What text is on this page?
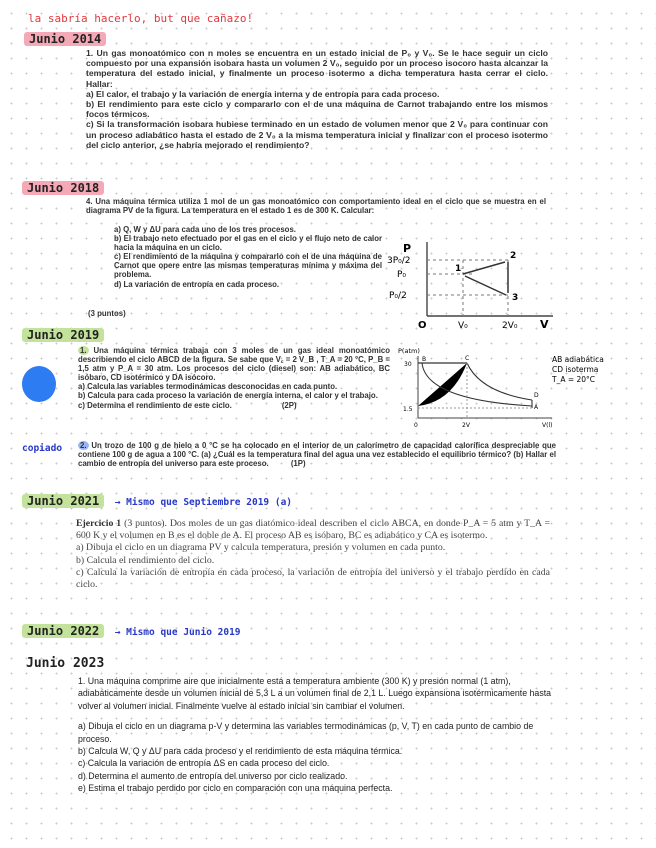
la sabría hacerlo, but que cañazo!
Junio 2014
1. Un gas monoatómico con n moles se encuentra en un estado inicial de P₀ y V₀. Se le hace seguir un ciclo compuesto por una expansión isobara hasta un volumen 2 V₀, seguido por un proceso isocoro hasta alcanzar la temperatura del estado inicial, y finalmente un proceso isotermo a dicha temperatura hasta cerrar el ciclo. Hallar:
a) El calor, el trabajo y la variación de energía interna y de entropía para cada proceso.
b) El rendimiento para este ciclo y compararlo con el de una máquina de Carnot trabajando entre los mismos focos térmicos.
c) Si la transformación isobara hubiese terminado en un estado de volumen menor que 2 V₀ para continuar con un proceso adiabático hasta el estado de 2 V₀ a la misma temperatura inicial y finalizar con el proceso isotermo del ciclo anterior, ¿se habría mejorado el rendimiento?
Junio 2018
4. Una máquina térmica utiliza 1 mol de un gas monoatómico con comportamiento ideal en el ciclo que se muestra en el diagrama PV de la figura. La temperatura en el estado 1 es de 300 K. Calcular:
a) Q, W y ΔU para cada uno de los tres procesos.
b) El trabajo neto efectuado por el gas en el ciclo y el flujo neto de calor hacia la máquina en un ciclo.
c) El rendimiento de la máquina y compararlo con el de una máquina de Carnot que opere entre las mismas temperaturas mínima y máxima del problema.
d) La variación de entropía en cada proceso.
(3 puntos)
P
3P₀/2
P₀
P₀/2
O	V₀	2V₀ V
1
2
3
Junio 2019
1. Una máquina térmica trabaja con 3 moles de un gas ideal monoatómico describiendo el ciclo ABCD de la figura. Se sabe que V꜀ = 2 V_B , T_A = 20 °C, P_B = 1,5 atm y P_A = 30 atm. Los procesos del ciclo (diesel) son: AB adiabático, BC isóbaro, CD isotérmico y DA isócoro.
a) Calcula las variables termodinámicas desconocidas en cada punto.
b) Calcula para cada proceso la variación de energía interna, el calor y el trabajo.
c) Determina el rendimiento de este ciclo.	(2P)
P(atm)
30
1.5
0	2V	V(l)
B	C
D
A
AB adiabática
CD isoterma
T_A = 20°C
copiado 2. Un trozo de 100 g de hielo a 0 °C se ha colocado en el interior de un calorímetro de capacidad calorífica despreciable que contiene 100 g de agua a 100 °C. (a) ¿Cuál es la temperatura final del agua una vez establecido el equilibrio térmico? (b) Hallar el cambio de entropía del universo para este proceso.	(1P)
Junio 2021 → Mismo que Septiembre 2019 (a)
Ejercicio 1 (3 puntos). Dos moles de un gas diatómico ideal describen el ciclo ABCA, en donde P_A = 5 atm y T_A = 600 K y el volumen en B es el doble de A. El proceso AB es isóbaro, BC es adiabático y CA es isotermo.
a) Dibuja el ciclo en un diagrama PV y calcula temperatura, presión y volumen en cada punto.
b) Calcula el rendimiento del ciclo.
c) Calcula la variación de entropía en cada proceso, la variación de entropía del universo y el trabajo perdido en cada ciclo.
Junio 2022 → Mismo que Junio 2019
Junio 2023
1. Una máquina comprime aire que inicialmente está a temperatura ambiente (300 K) y presión normal (1 atm), adiabáticamente desde un volumen inicial de 5,3 L a un volumen final de 2,1 L. Luego expansiona isotérmicamente hasta volver al volumen inicial. Finalmente vuelve al estado inicial sin cambiar el volumen.
a) Dibuja el ciclo en un diagrama p-V y determina las variables termodinámicas (p, V, T) en cada punto de cambio de proceso.
b) Calcula W, Q y ΔU para cada proceso y el rendimiento de esta máquina térmica.
c) Calcula la variación de entropía ΔS en cada proceso del ciclo.
d) Determina el aumento de entropía del universo por ciclo realizado.
e) Estima el trabajo perdido por ciclo en comparación con una máquina perfecta.
